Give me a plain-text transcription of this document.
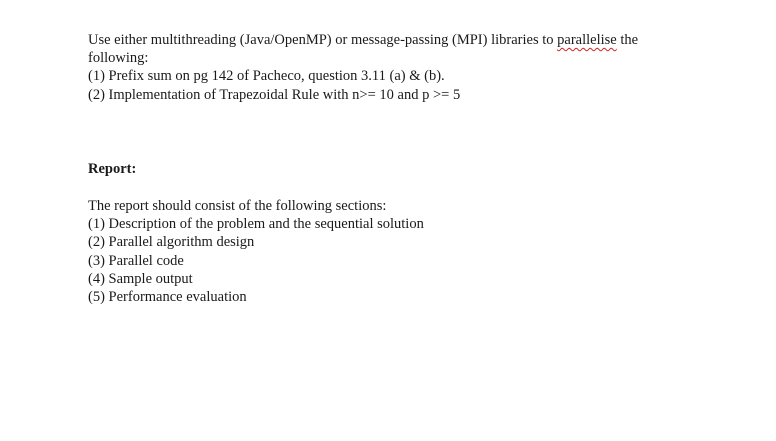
Use either multithreading (Java/OpenMP) or message-passing (MPI) libraries to parallelise the
following:
(1) Prefix sum on pg 142 of Pacheco, question 3.11 (a) & (b).
(2) Implementation of Trapezoidal Rule with n>= 10 and p >= 5
Report:
The report should consist of the following sections:
(1) Description of the problem and the sequential solution
(2) Parallel algorithm design
(3) Parallel code
(4) Sample output
(5) Performance evaluation
